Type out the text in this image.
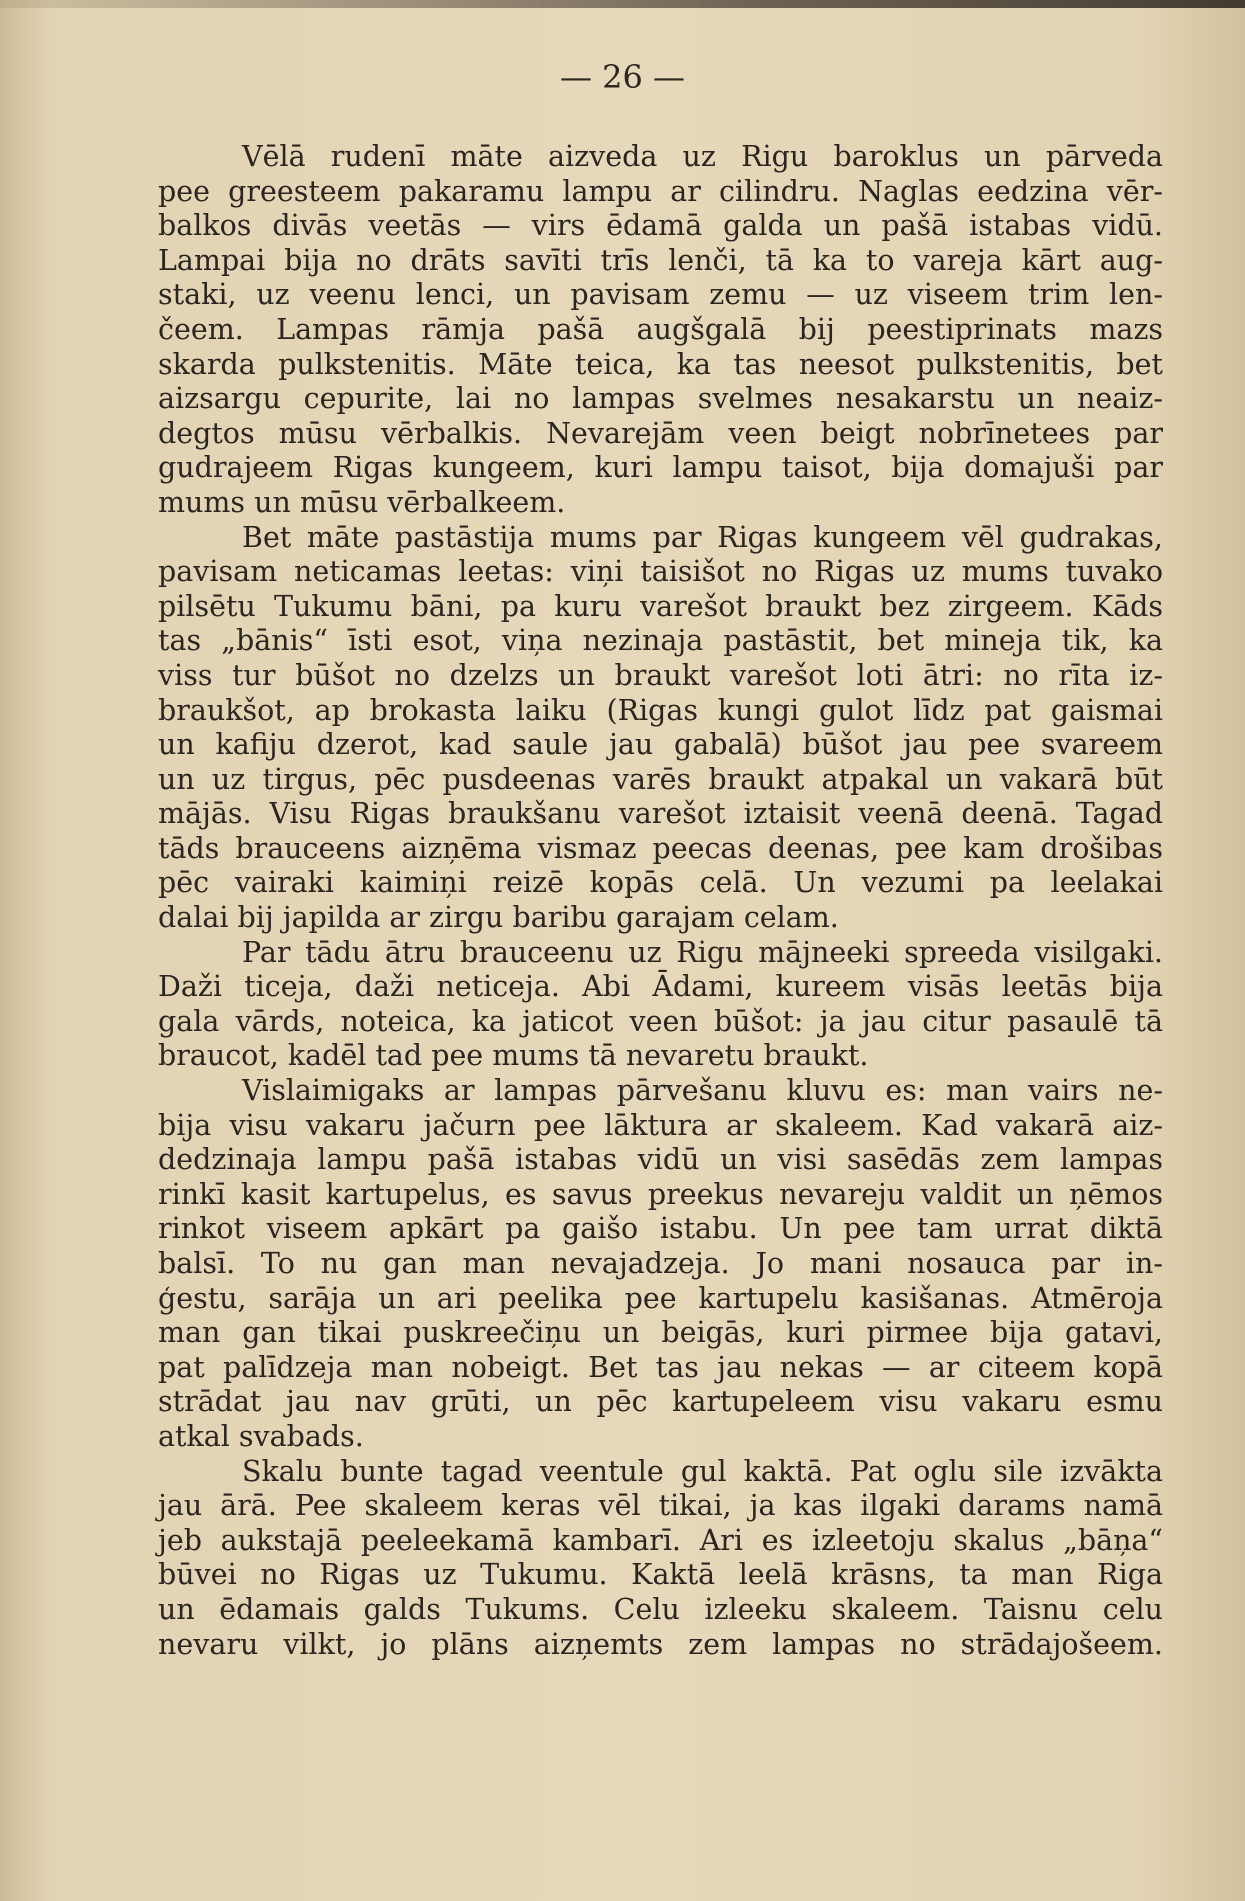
— 26 —
Vēlā rudenī māte aizveda uz Rigu baroklus un pārveda
pee greesteem pakaramu lampu ar cilindru. Naglas eedzina vēr-
balkos divās veetās — virs ēdamā galda un pašā istabas vidū.
Lampai bija no drāts savīti trīs lenči, tā ka to vareja kārt aug-
staki, uz veenu lenci, un pavisam zemu — uz viseem trim len-
čeem. Lampas rāmja pašā augšgalā bij peestiprinats mazs
skarda pulkstenitis. Māte teica, ka tas neesot pulkstenitis, bet
aizsargu cepurite, lai no lampas svelmes nesakarstu un neaiz-
degtos mūsu vērbalkis. Nevarejām veen beigt nobrīnetees par
gudrajeem Rigas kungeem, kuri lampu taisot, bija domajuši par
mums un mūsu vērbalkeem.
Bet māte pastāstija mums par Rigas kungeem vēl gudrakas,
pavisam neticamas leetas: viņi taisišot no Rigas uz mums tuvako
pilsētu Tukumu bāni, pa kuru varešot braukt bez zirgeem. Kāds
tas „bānis“ īsti esot, viņa nezinaja pastāstit, bet mineja tik, ka
viss tur būšot no dzelzs un braukt varešot loti ātri: no rīta iz-
braukšot, ap brokasta laiku (Rigas kungi gulot līdz pat gaismai
un kafiju dzerot, kad saule jau gabalā) būšot jau pee svareem
un uz tirgus, pēc pusdeenas varēs braukt atpakal un vakarā būt
mājās. Visu Rigas braukšanu varešot iztaisit veenā deenā. Tagad
tāds brauceens aizņēma vismaz peecas deenas, pee kam drošibas
pēc vairaki kaimiņi reizē kopās celā. Un vezumi pa leelakai
dalai bij japilda ar zirgu baribu garajam celam.
Par tādu ātru brauceenu uz Rigu mājneeki spreeda visilgaki.
Daži ticeja, daži neticeja. Abi Ādami, kureem visās leetās bija
gala vārds, noteica, ka jaticot veen būšot: ja jau citur pasaulē tā
braucot, kadēl tad pee mums tā nevaretu braukt.
Vislaimigaks ar lampas pārvešanu kluvu es: man vairs ne-
bija visu vakaru jačurn pee lāktura ar skaleem. Kad vakarā aiz-
dedzinaja lampu pašā istabas vidū un visi sasēdās zem lampas
rinkī kasit kartupelus, es savus preekus nevareju valdit un ņēmos
rinkot viseem apkārt pa gaišo istabu. Un pee tam urrat diktā
balsī. To nu gan man nevajadzeja. Jo mani nosauca par in-
ģestu, sarāja un ari peelika pee kartupelu kasišanas. Atmēroja
man gan tikai puskreečiņu un beigās, kuri pirmee bija gatavi,
pat palīdzeja man nobeigt. Bet tas jau nekas — ar citeem kopā
strādat jau nav grūti, un pēc kartupeleem visu vakaru esmu
atkal svabads.
Skalu bunte tagad veentule gul kaktā. Pat oglu sile izvākta
jau ārā. Pee skaleem keras vēl tikai, ja kas ilgaki darams namā
jeb aukstajā peeleekamā kambarī. Ari es izleetoju skalus „bāņa“
būvei no Rigas uz Tukumu. Kaktā leelā krāsns, ta man Riga
un ēdamais galds Tukums. Celu izleeku skaleem. Taisnu celu
nevaru vilkt, jo plāns aizņemts zem lampas no strādajošeem.
